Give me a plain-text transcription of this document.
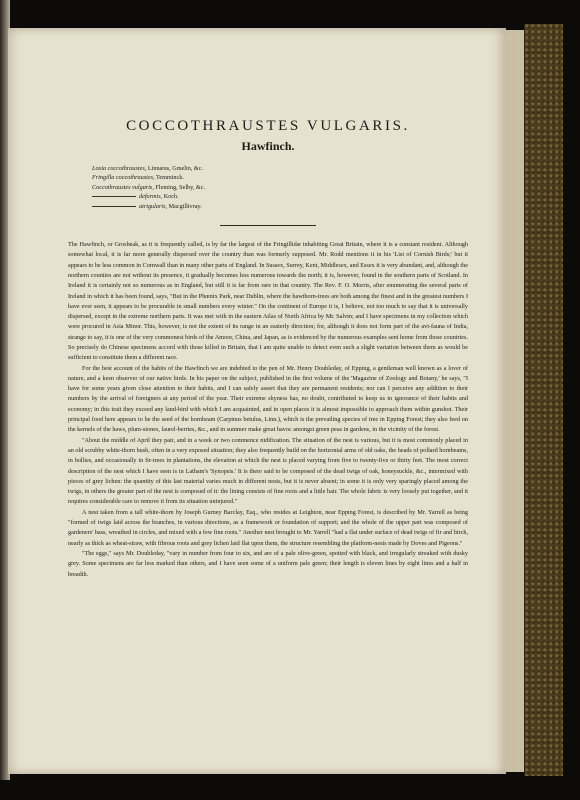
COCCOTHRAUSTES VULGARIS.
Hawfinch.
Loxia coccothraustes, Linnæus, Gmelin, &c.
Fringilla coccothraustes, Temminck.
Coccothraustes vulgaris, Fleming, Selby, &c.
deformis, Koch.
atrigularis, Macgillivray.

The Hawfinch, or Grosbeak, as it is frequently called, is by far the largest of the Fringillidæ inhabiting Great Britain, where it is a constant resident. Although somewhat local, it is far more generally dispersed over the country than was formerly supposed. Mr. Rodd mentions it in his 'List of Cornish Birds;' but it appears to be less common in Cornwall than in many other parts of England. In Sussex, Surrey, Kent, Middlesex, and Essex it is very abundant, and, although the northern counties are not without its presence, it gradually becomes less numerous towards the north; it is, however, found in the southern parts of Scotland. In Ireland it is certainly not so numerous as in England, but still it is far from rare in that country. The Rev. F. O. Morris, after enumerating the several parts of Ireland in which it has been found, says, "But in the Phœnix Park, near Dublin, where the hawthorn-trees are both among the finest and in the greatest numbers I have ever seen, it appears to be procurable in small numbers every winter." On the continent of Europe it is, I believe, not too much to say that it is universally dispersed, except in the extreme northern parts. It was met with in the eastern Atlas of North Africa by Mr. Salvin; and I have specimens in my collection which were procured in Asia Minor. This, however, is not the extent of its range in an easterly direction; for, although it does not form part of the avi-fauna of India, strange to say, it is one of the very commonest birds of the Amoor, China, and Japan, as is evidenced by the numerous examples sent home from those countries. So precisely do Chinese specimens accord with those killed in Britain, that I am quite unable to detect even such a slight variation between them as would be sufficient to constitute them a different race.

For the best account of the habits of the Hawfinch we are indebted to the pen of Mr. Henry Doubleday, of Epping, a gentleman well known as a lover of nature, and a keen observer of our native birds. In his paper on the subject, published in the first volume of the 'Magazine of Zoology and Botany,' he says, "I have for some years given close attention to their habits, and I can safely assert that they are permanent residents; nor can I perceive any addition to their numbers by the arrival of foreigners at any period of the year. Their extreme shyness has, no doubt, contributed to keep us in ignorance of their habits and economy; in this trait they exceed any land-bird with which I am acquainted, and in open places it is almost impossible to approach them within gunshot. Their principal food here appears to be the seed of the hornbeam (Carpinus betulus, Linn.), which is the prevailing species of tree in Epping Forest; they also feed on the kernels of the haws, plum-stones, laurel-berries, &c., and in summer make great havoc amongst green peas in gardens, in the vicinity of the forest.

"About the middle of April they pair, and in a week or two commence nidification. The situation of the nest is various, but it is most commonly placed in an old scrubby white-thorn bush, often in a very exposed situation; they also frequently build on the horizontal arms of old oaks, the heads of pollard hornbeams, in hollies, and occasionally in fir-trees in plantations, the elevation at which the nest is placed varying from five to twenty-five or thirty feet. The most correct description of the nest which I have seen is in Latham's 'Synopsis.' It is there said to be composed of the dead twigs of oak, honeysuckle, &c., intermixed with pieces of grey lichen: the quantity of this last material varies much in different nests, but it is never absent; in some it is only very sparingly placed among the twigs, in others the greater part of the nest is composed of it: the lining consists of fine roots and a little hair. The whole fabric is very loosely put together, and it requires considerable care to remove it from its situation uninjured."

A nest taken from a tall white-thorn by Joseph Gurney Barclay, Esq., who resides at Leighton, near Epping Forest, is described by Mr. Yarrell as being "formed of twigs laid across the branches, in various directions, as a framework or foundation of support; and the whole of the upper part was composed of gardeners' bass, wreathed in circles, and mixed with a few fine roots." Another nest brought to Mr. Yarrell "had a flat under surface of dead twigs of fir and birch, nearly as thick as wheat-straw, with fibrous roots and grey lichen laid flat upon them, the structure resembling the platform-nests made by Doves and Pigeons."

"The eggs," says Mr. Doubleday, "vary in number from four to six, and are of a pale olive-green, spotted with black, and irregularly streaked with dusky grey. Some specimens are far less marked than others, and I have seen some of a uniform pale green; their length is eleven lines by eight lines and a half in breadth.
